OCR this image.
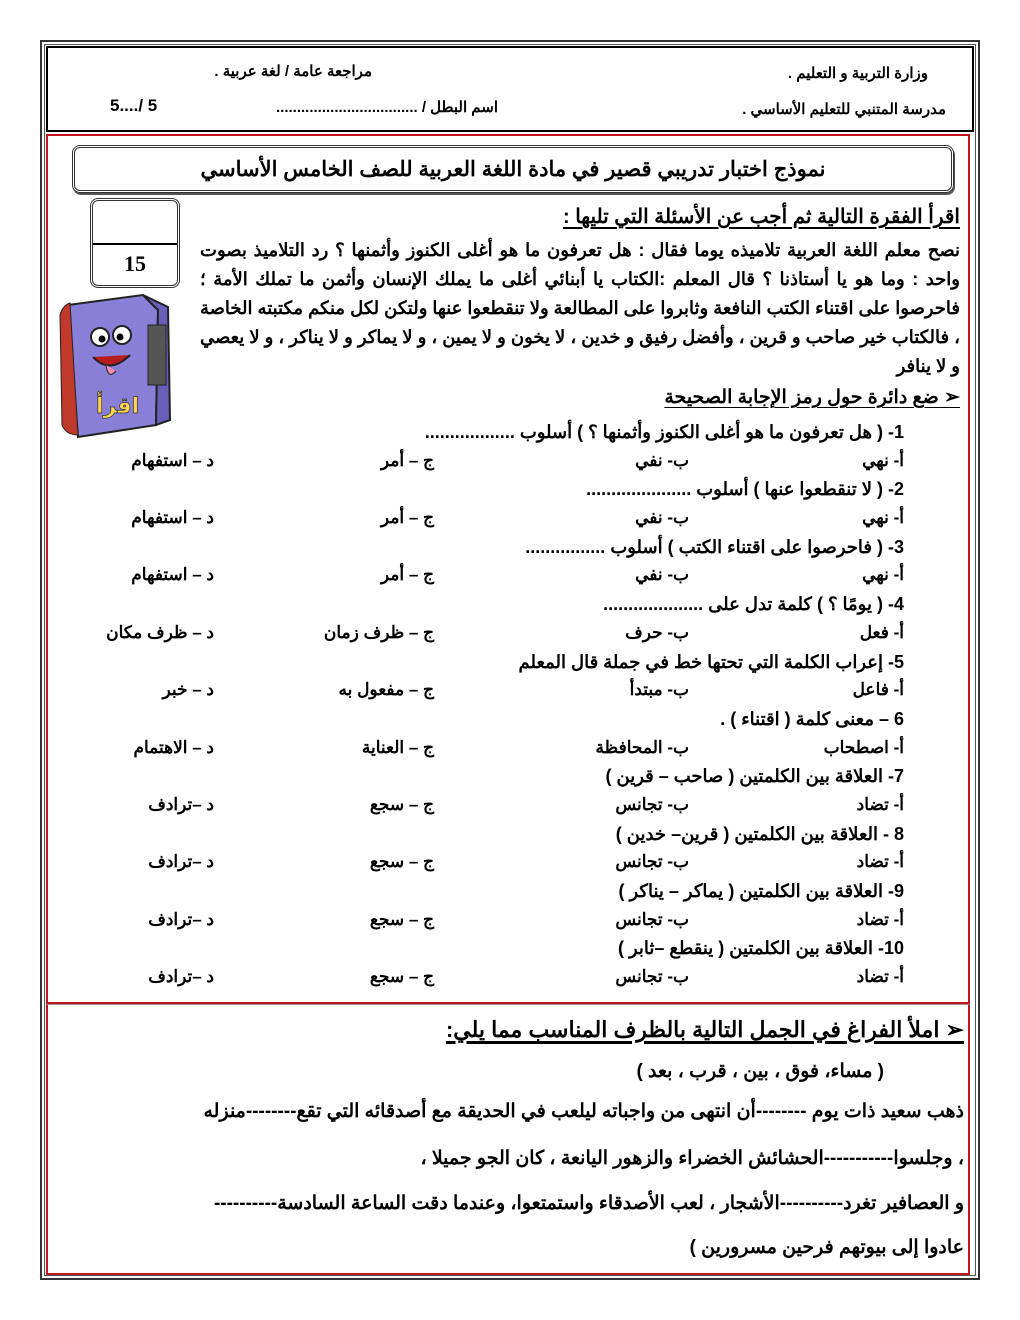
وزارة التربية و التعليم .
مراجعة عامة / لغة عربية .
مدرسة المتنبي للتعليم الأساسي .
اسم البطل / ..................................
5..../ 5
نموذج اختبار تدريبي قصير في مادة اللغة العربية للصف الخامس الأساسي
15
اقرأ
اقرأ الفقرة التالية ثم أجب عن الأسئلة التي تليها :
نصح معلم اللغة العربية تلاميذه يوما فقال : هل تعرفون ما هو أغلى الكنوز وأثمنها ؟ رد التلاميذ بصوت واحد : وما هو يا أستاذنا ؟ قال المعلم :الكتاب يا أبنائي أغلى ما يملك الإنسان وأثمن ما تملك الأمة ؛ فاحرصوا على اقتناء الكتب النافعة وثابروا على المطالعة ولا تنقطعوا عنها ولتكن لكل منكم مكتبته الخاصة ، فالكتاب خير صاحب و قرين ، وأفضل رفيق و خدين ، لا يخون و لا يمين ، و لا يماكر و لا يناكر ، و لا يعصي و لا ينافر
➢ ضع دائرة حول رمز الإجابة الصحيحة
1- ( هل تعرفون ما هو أغلى الكنوز وأثمنها ؟ ) أسلوب ..................
أ- نهي
ب- نفي
ج – أمر
د – استفهام
2- ( لا تنقطعوا عنها ) أسلوب .....................
أ- نهي
ب- نفي
ج – أمر
د – استفهام
3- ( فاحرصوا على اقتناء الكتب ) أسلوب ................
أ- نهي
ب- نفي
ج – أمر
د – استفهام
4- ( يومًا ؟ ) كلمة تدل على ....................
أ- فعل
ب- حرف
ج – ظرف زمان
د – ظرف مكان
5- إعراب الكلمة التي تحتها خط في جملة قال المعلم
أ- فاعل
ب- مبتدأ
ج – مفعول به
د – خبر
6 – معنى كلمة ( اقتناء ) .
أ- اصطحاب
ب- المحافظة
ج – العناية
د – الاهتمام
7- العلاقة بين الكلمتين ( صاحب – قرين )
أ- تضاد
ب- تجانس
ج – سجع
د –ترادف
8 - العلاقة بين الكلمتين ( قرين– خدين )
أ- تضاد
ب- تجانس
ج – سجع
د –ترادف
9- العلاقة بين الكلمتين ( يماكر – يناكر )
أ- تضاد
ب- تجانس
ج – سجع
د –ترادف
10- العلاقة بين الكلمتين ( ينقطع –ثابر )
أ- تضاد
ب- تجانس
ج – سجع
د –ترادف
➢ املأ الفراغ في الجمل التالية بالظرف المناسب مما يلي:
( مساء، فوق ، بين ، قرب ، بعد )
ذهب سعيد ذات يوم --------أن انتهى من واجباته ليلعب في الحديقة مع أصدقائه التي تقع--------منزله
، وجلسوا-----------الحشائش الخضراء والزهور اليانعة ، كان الجو جميلا ،
و العصافير تغرد----------الأشجار ، لعب الأصدقاء واستمتعوا، وعندما دقت الساعة السادسة----------
عادوا إلى بيوتهم فرحين مسرورين )
